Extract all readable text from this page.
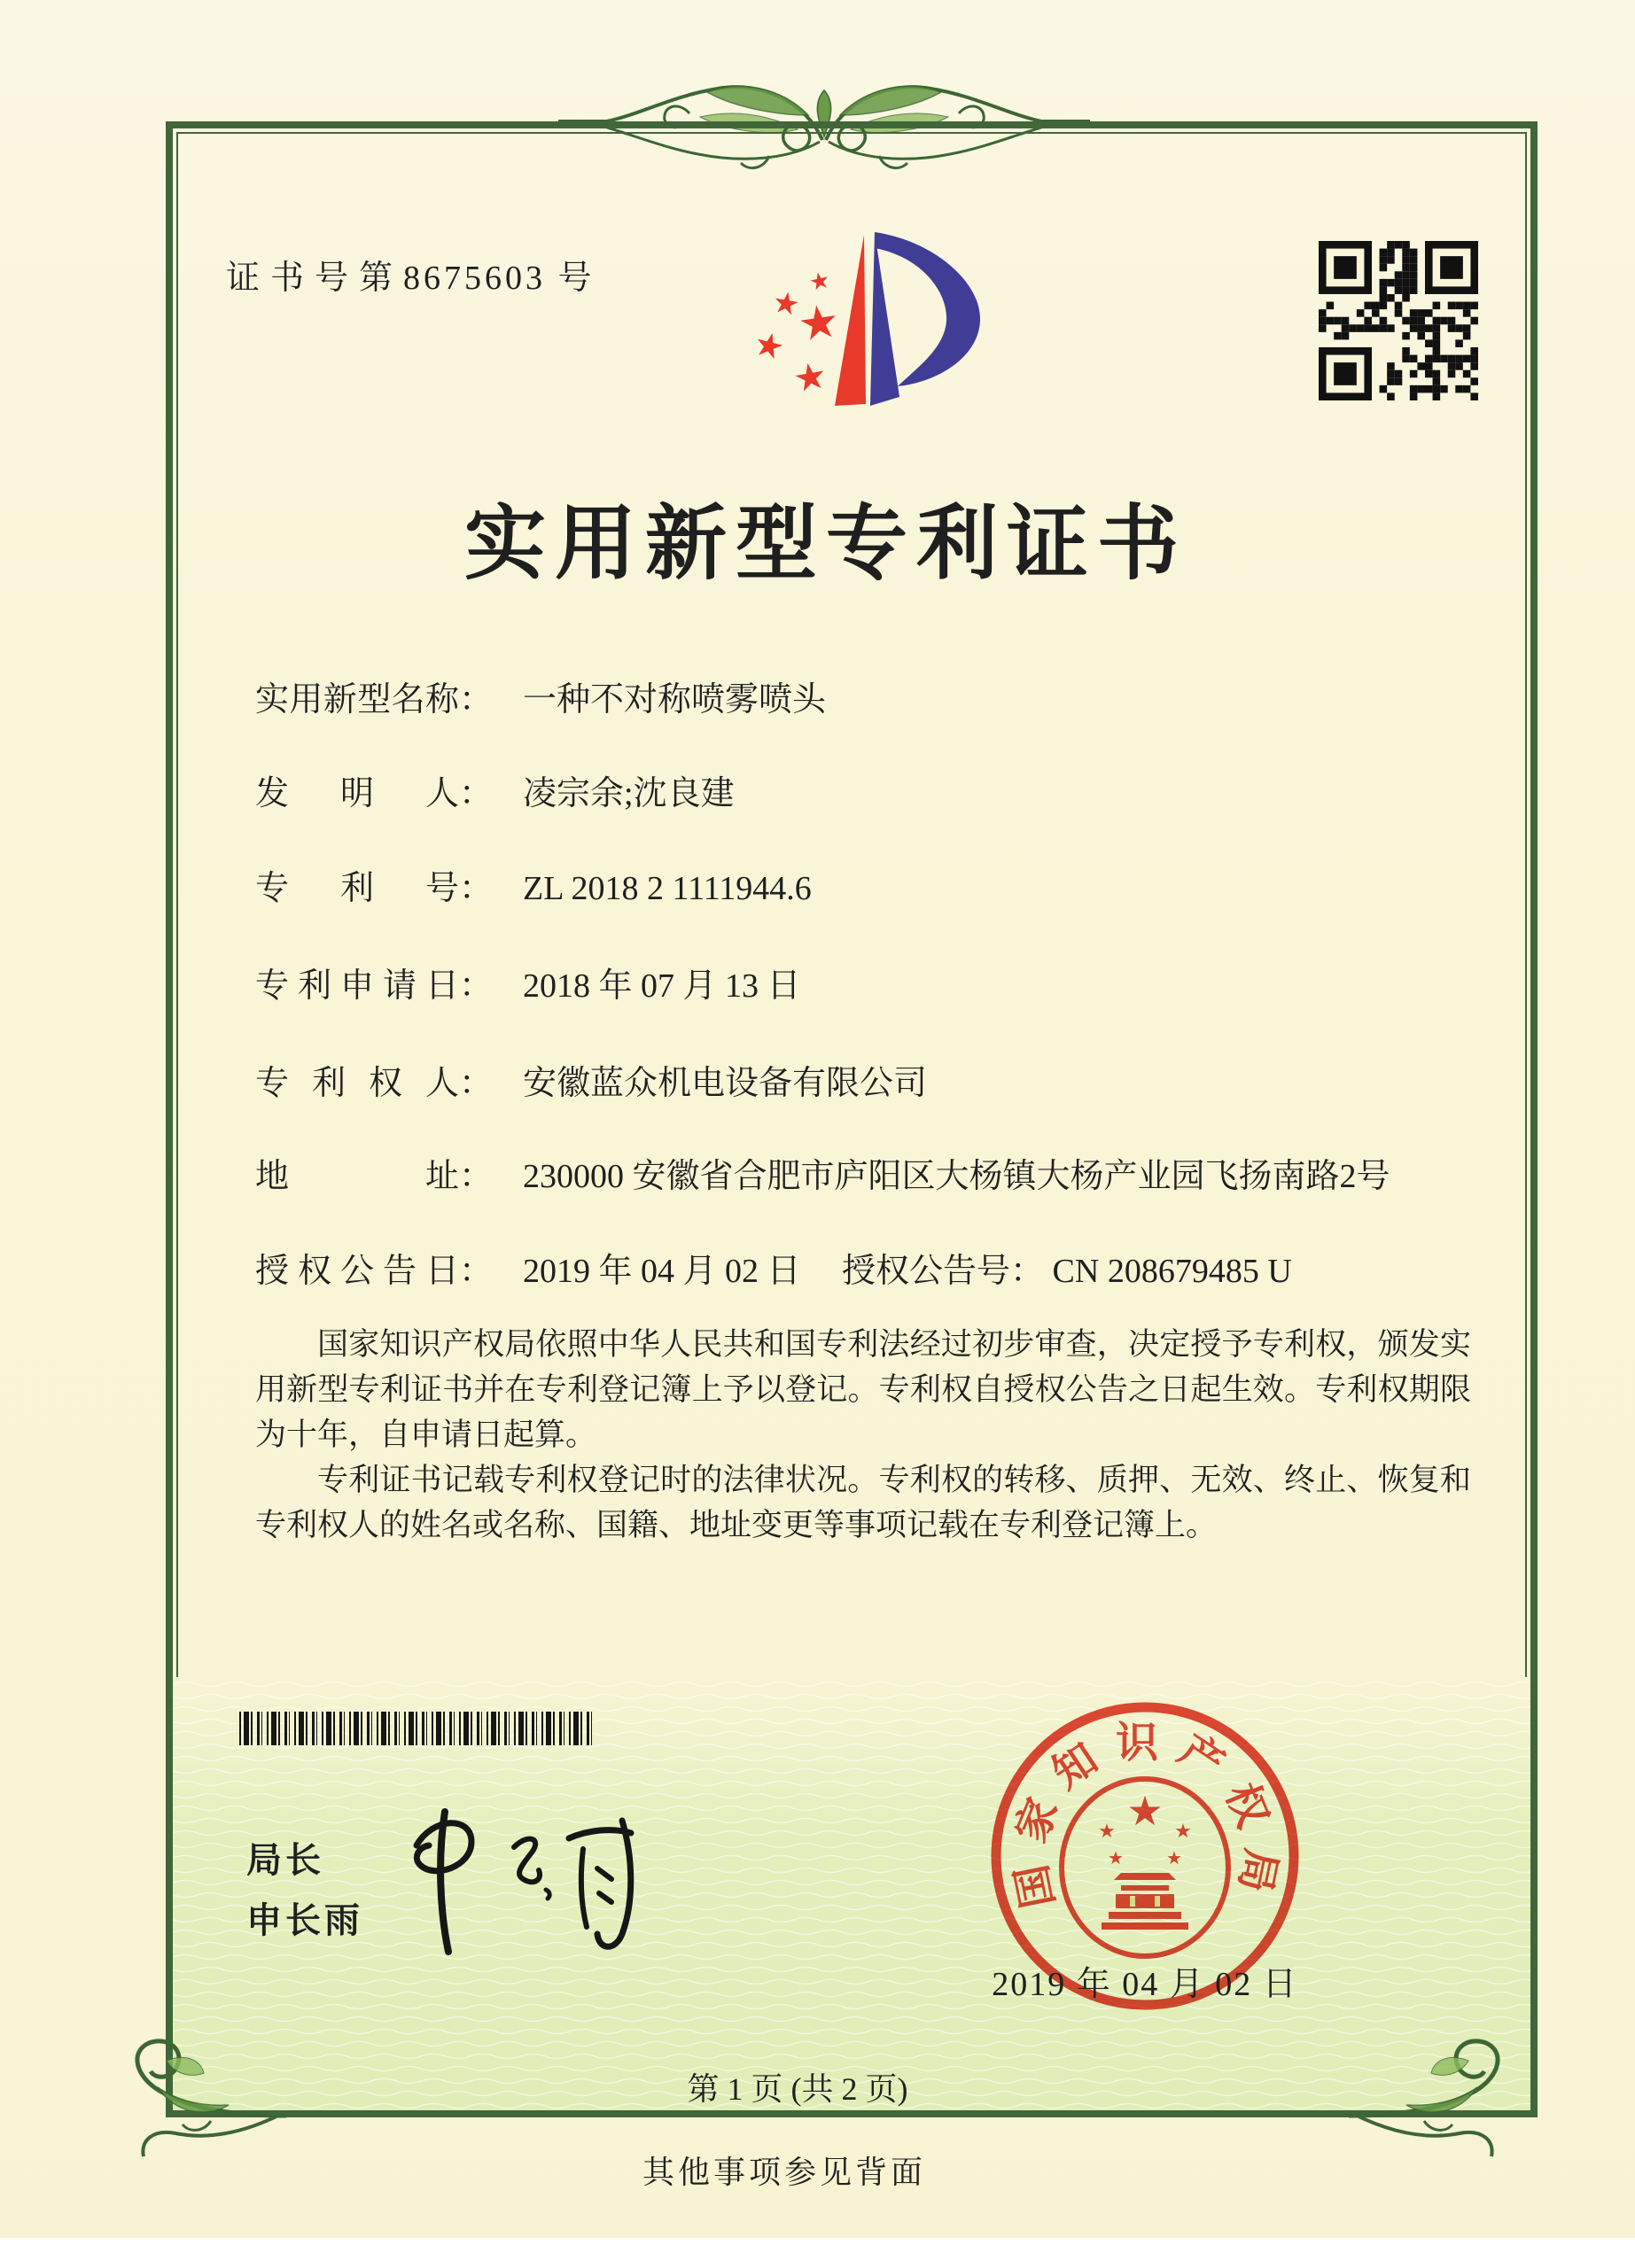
证书号第8675603 号	★
★
★
★
★
实用新型专利证书
实用新型名称 ： 一种不对称喷雾喷头
发明人 ： 凌宗余;沈良建
专利号 ： ZL 2018 2 1111944.6
专利申请日 ： 2018 年 07 月 13 日
专利权人 ： 安徽蓝众机电设备有限公司
地址 ： 230000 安徽省合肥市庐阳区大杨镇大杨产业园飞扬南路2号
授权公告日 ： 2019 年 04 月 02 日 授权公告号： CN 208679485 U

国家知识产权局依照中华人民共和国专利法经过初步审查，决定授予专利权，颁发实用新型专利证书并在专利登记簿上予以登记。专利权自授权公告之日起生效。专利权期限为十年，自申请日起算。

专利证书记载专利权登记时的法律状况。专利权的转移、质押、无效、终止、恢复和专利权人的姓名或名称、国籍、地址变更等事项记载在专利登记簿上。

局长
申长雨
国家知识产权局
★
★	★
★ ★
2019 年 04 月 02 日
第 1 页 (共 2 页)
其他事项参见背面
